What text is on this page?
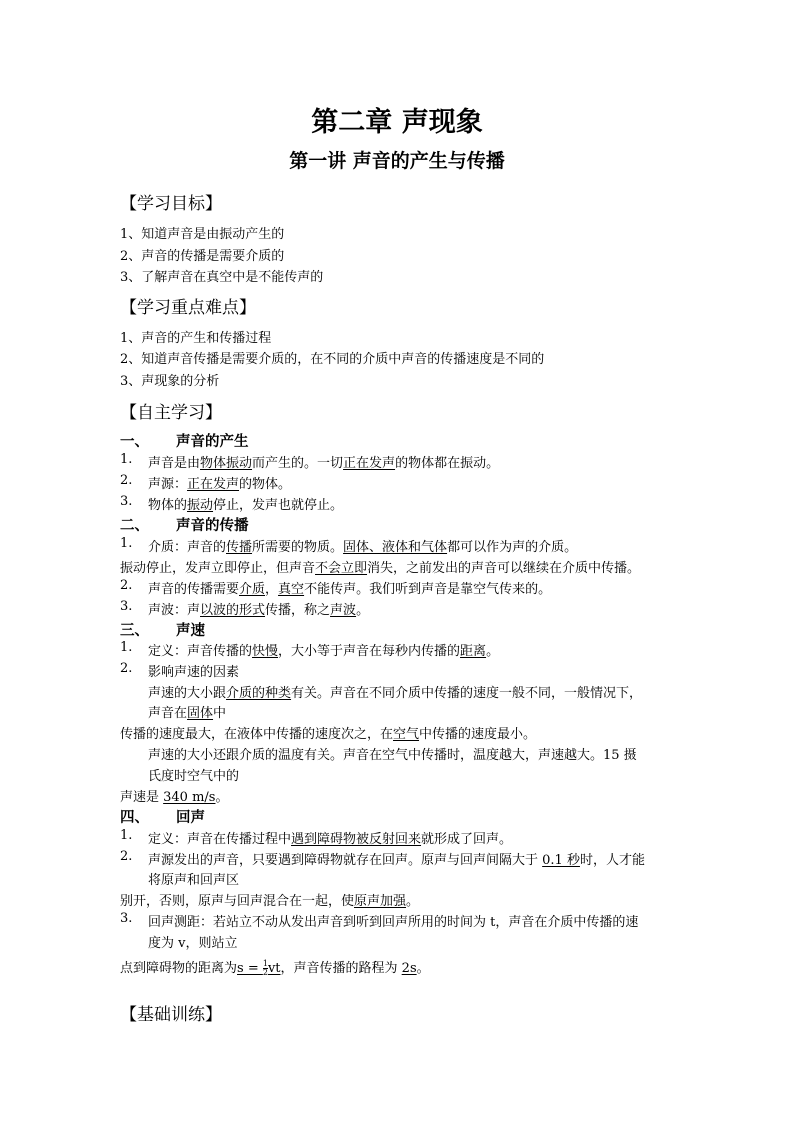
第二章 声现象
第一讲 声音的产生与传播
【学习目标】
1、知道声音是由振动产生的
2、声音的传播是需要介质的
3、了解声音在真空中是不能传声的
【学习重点难点】
1、声音的产生和传播过程
2、知道声音传播是需要介质的，在不同的介质中声音的传播速度是不同的
3、声现象的分析
【自主学习】
一、 声音的产生
1. 声音是由物体振动而产生的。一切正在发声的物体都在振动。
2. 声源：正在发声的物体。
3. 物体的振动停止，发声也就停止。
二、 声音的传播
1. 介质：声音的传播所需要的物质。固体、液体和气体都可以作为声的介质。
振动停止，发声立即停止，但声音不会立即消失，之前发出的声音可以继续在介质中传播。
2. 声音的传播需要介质，真空不能传声。我们听到声音是靠空气传来的。
3. 声波：声以波的形式传播，称之声波。
三、 声速
1. 定义：声音传播的快慢，大小等于声音在每秒内传播的距离。
2. 影响声速的因素
声速的大小跟介质的种类有关。声音在不同介质中传播的速度一般不同，一般情况下，
声音在固体中
传播的速度最大，在液体中传播的速度次之，在空气中传播的速度最小。
声速的大小还跟介质的温度有关。声音在空气中传播时，温度越大，声速越大。15 摄
氏度时空气中的
声速是 340 m/s。
四、 回声
1. 定义：声音在传播过程中遇到障碍物被反射回来就形成了回声。
2. 声源发出的声音，只要遇到障碍物就存在回声。原声与回声间隔大于 0.1 秒时，人才能
将原声和回声区
别开，否则，原声与回声混合在一起，使原声加强。
3. 回声测距：若站立不动从发出声音到听到回声所用的时间为 t，声音在介质中传播的速
度为 v，则站立
点到障碍物的距离为$s = \frac{1}{2}$ vt，声音传播的路程为 2s。
【基础训练】
